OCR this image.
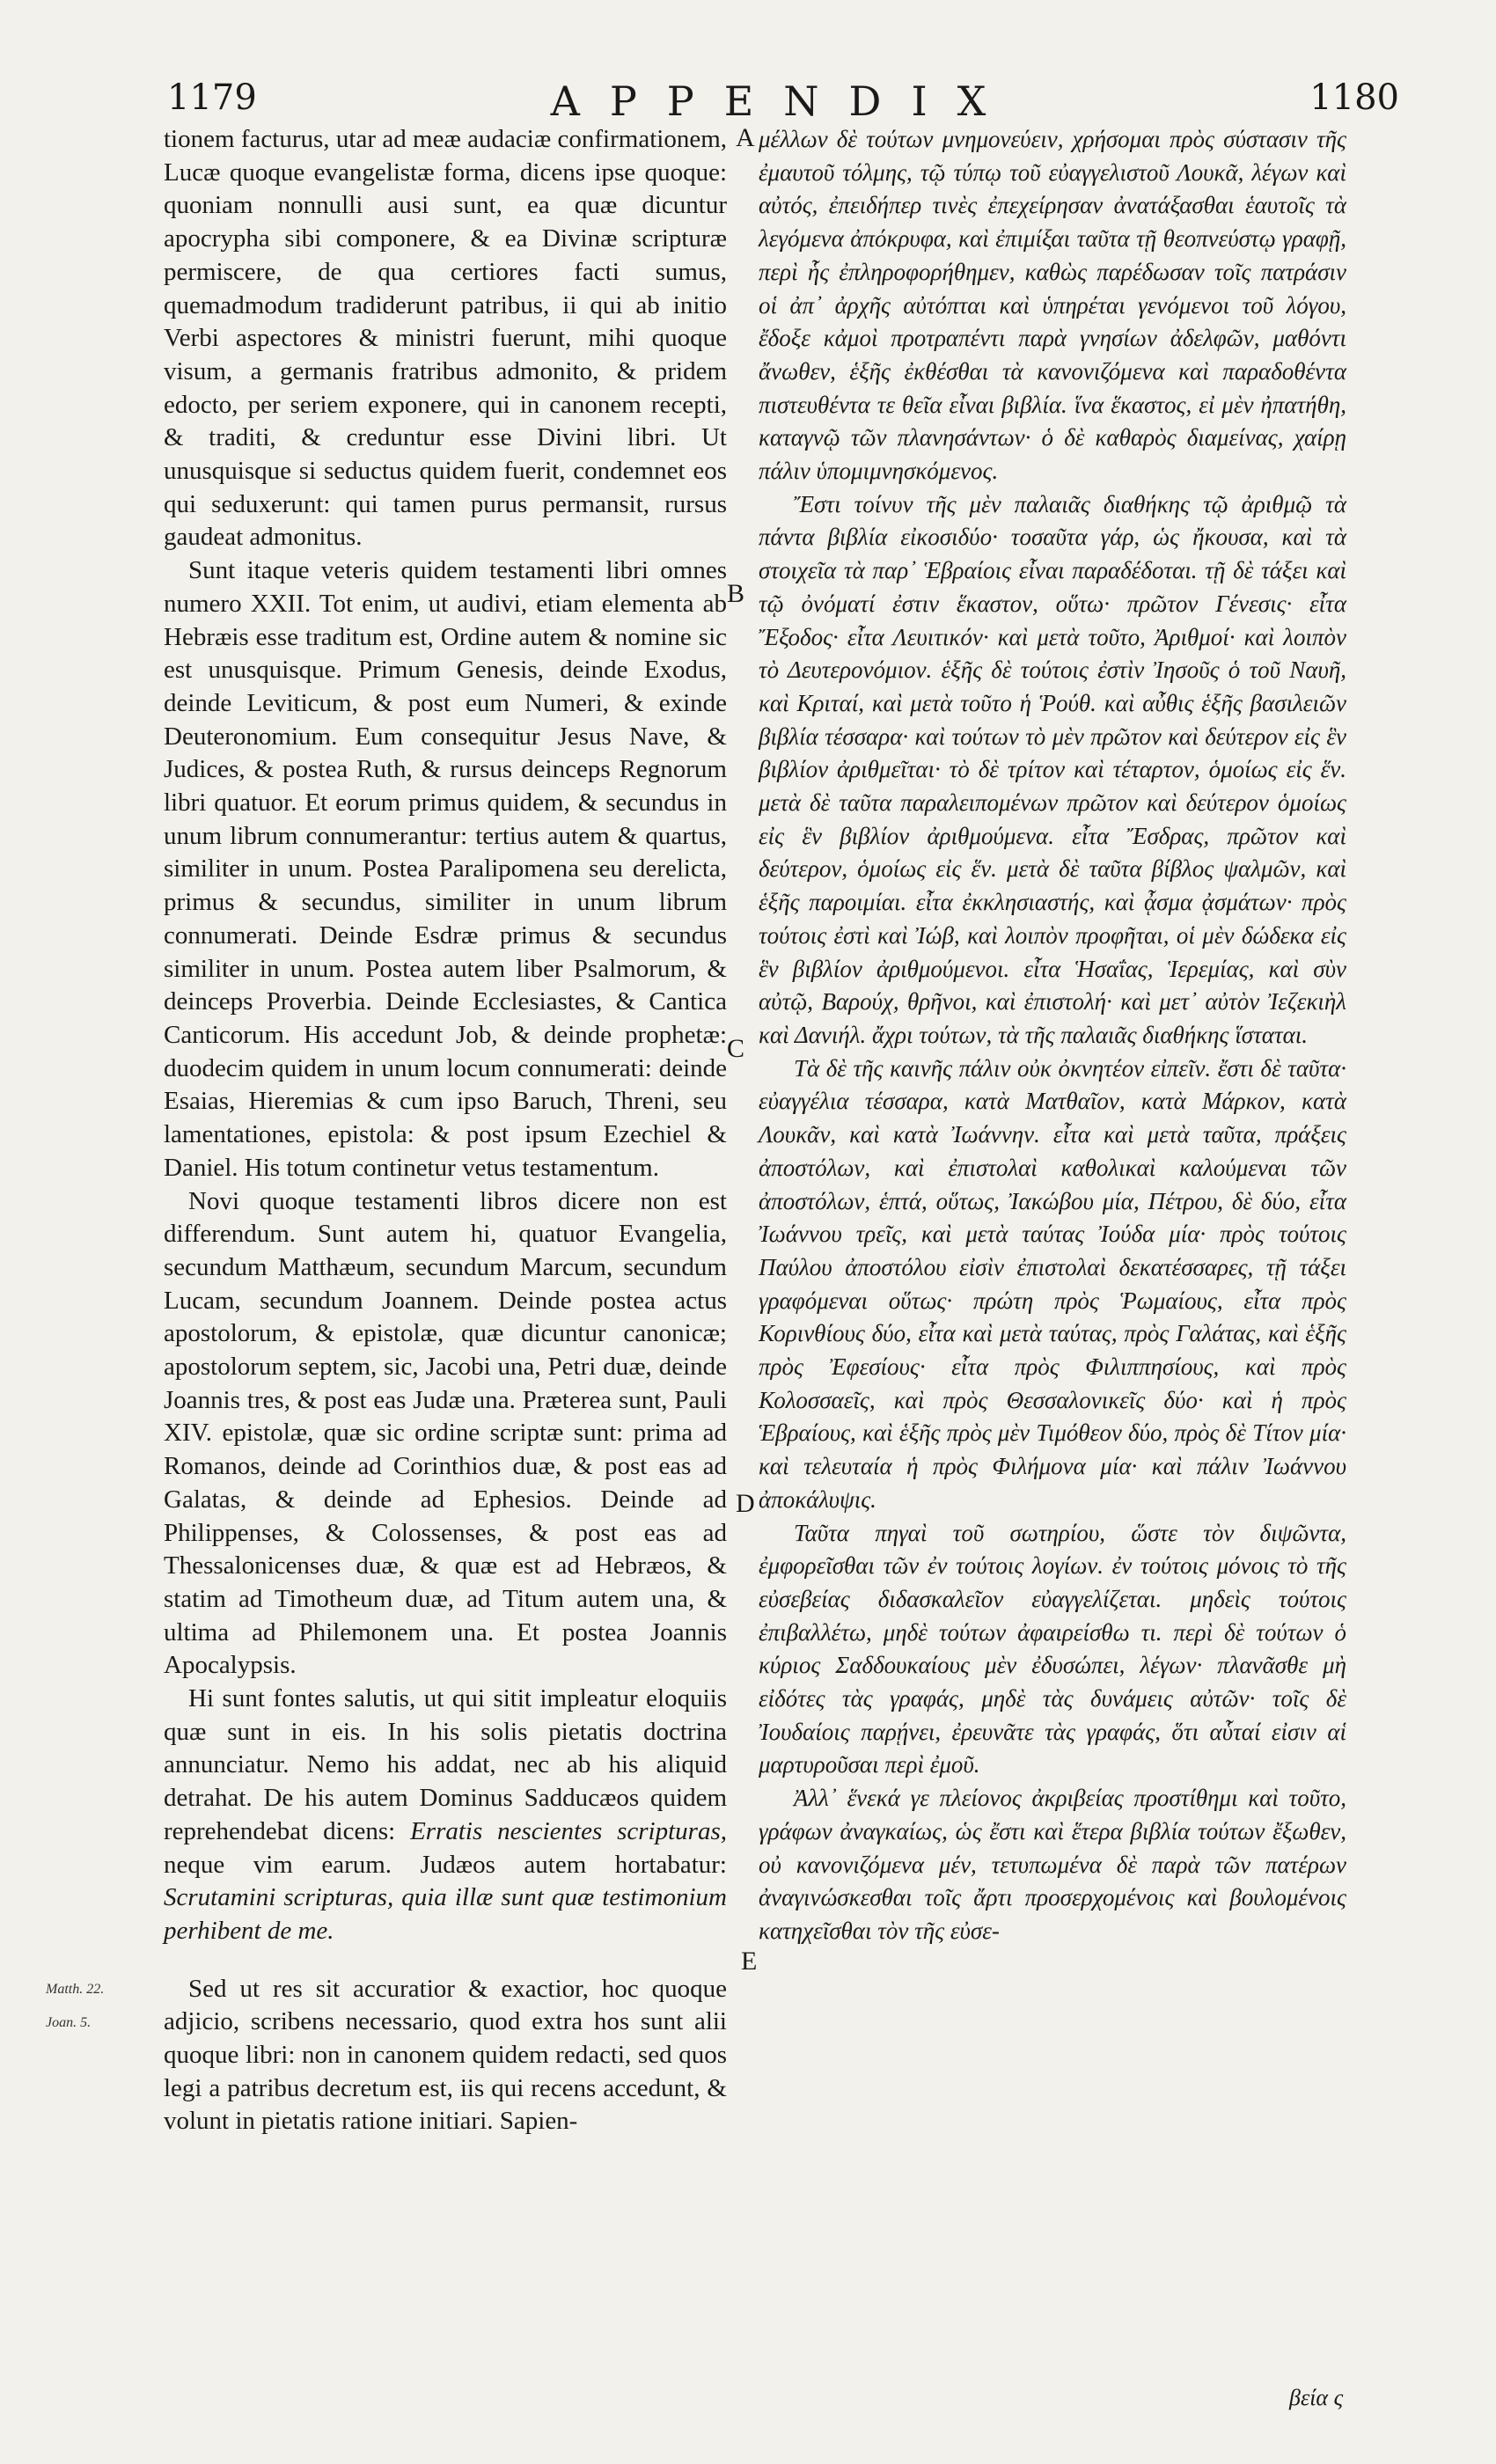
1179	APPENDIX	1180

tionem facturus, utar ad meæ audaciæ confirmationem, Lucæ quoque evangelistæ forma, dicens ipse quoque: quoniam nonnulli ausi sunt, ea quæ dicuntur apocrypha sibi componere, & ea Divinæ scripturæ permiscere, de qua certiores facti sumus, quemadmodum tradiderunt patribus, ii qui ab initio Verbi aspectores & ministri fuerunt, mihi quoque visum, a germanis fratribus admonito, & pridem edocto, per seriem exponere, qui in canonem recepti, & traditi, & creduntur esse Divini libri. Ut unusquisque si seductus quidem fuerit, condemnet eos qui seduxerunt: qui tamen purus permansit, rursus gaudeat admonitus.

Sunt itaque veteris quidem testamenti libri omnes numero XXII. Tot enim, ut audivi, etiam elementa ab Hebræis esse traditum est, Ordine autem & nomine sic est unusquisque. Primum Genesis, deinde Exodus, deinde Leviticum, & post eum Numeri, & exinde Deuteronomium. Eum consequitur Jesus Nave, & Judices, & postea Ruth, & rursus deinceps Regnorum libri quatuor. Et eorum primus quidem, & secundus in unum librum connumerantur: tertius autem & quartus, similiter in unum. Postea Paralipomena seu derelicta, primus & secundus, similiter in unum librum connumerati. Deinde Esdræ primus & secundus similiter in unum. Postea autem liber Psalmorum, & deinceps Proverbia. Deinde Ecclesiastes, & Cantica Canticorum. His accedunt Job, & deinde prophetæ: duodecim quidem in unum locum connumerati: deinde Esaias, Hieremias & cum ipso Baruch, Threni, seu lamentationes, epistola: & post ipsum Ezechiel & Daniel. His totum continetur vetus testamentum.

Novi quoque testamenti libros dicere non est differendum. Sunt autem hi, quatuor Evangelia, secundum Matthæum, secundum Marcum, secundum Lucam, secundum Joannem. Deinde postea actus apostolorum, & epistolæ, quæ dicuntur canonicæ; apostolorum septem, sic, Jacobi una, Petri duæ, deinde Joannis tres, & post eas Judæ una. Præterea sunt, Pauli XIV. epistolæ, quæ sic ordine scriptæ sunt: prima ad Romanos, deinde ad Corinthios duæ, & post eas ad Galatas, & deinde ad Ephesios. Deinde ad Philippenses, & Colossenses, & post eas ad Thessalonicenses duæ, & quæ est ad Hebræos, & statim ad Timotheum duæ, ad Titum autem una, & ultima ad Philemonem una. Et postea Joannis Apocalypsis.

Hi sunt fontes salutis, ut qui sitit impleatur eloquiis quæ sunt in eis. In his solis pietatis doctrina annunciatur. Nemo his addat, nec ab his aliquid detrahat. De his autem Dominus Sadducæos quidem reprehendebat dicens: Erratis nescientes scripturas, neque vim earum. Judæos autem hortabatur: Scrutamini scripturas, quia illæ sunt quæ testimonium perhibent de me.

Sed ut res sit accuratior & exactior, hoc quoque adjicio, scribens necessario, quod extra hos sunt alii quoque libri: non in canonem quidem redacti, sed quos legi a patribus decretum est, iis qui recens accedunt, & volunt in pietatis ratione initiari. Sapien-

μέλλων δὲ τούτων μνημονεύειν, χρήσομαι πρὸς σύστασιν τῆς ἐμαυτοῦ τόλμης, τῷ τύπῳ τοῦ εὐαγγελιστοῦ Λουκᾶ, λέγων καὶ αὐτός, ἐπειδήπερ τινὲς ἐπεχείρησαν ἀνατάξασθαι ἑαυτοῖς τὰ λεγόμενα ἀπόκρυφα, καὶ ἐπιμίξαι ταῦτα τῇ θεοπνεύστῳ γραφῇ, περὶ ἧς ἐπληροφορήθημεν, καθὼς παρέδωσαν τοῖς πατράσιν οἱ ἀπ᾽ ἀρχῆς αὐτόπται καὶ ὑπηρέται γενόμενοι τοῦ λόγου, ἔδοξε κἀμοὶ προτραπέντι παρὰ γνησίων ἀδελφῶν, μαθόντι ἄνωθεν, ἑξῆς ἐκθέσθαι τὰ κανονιζόμενα καὶ παραδοθέντα πιστευθέντα τε θεῖα εἶναι βιβλία. ἵνα ἕκαστος, εἰ μὲν ἠπατήθη, καταγνῷ τῶν πλανησάντων· ὁ δὲ καθαρὸς διαμείνας, χαίρῃ πάλιν ὑπομιμνησκόμενος.

Ἔστι τοίνυν τῆς μὲν παλαιᾶς διαθήκης τῷ ἀριθμῷ τὰ πάντα βιβλία εἰκοσιδύο· τοσαῦτα γάρ, ὡς ἤκουσα, καὶ τὰ στοιχεῖα τὰ παρ᾽ Ἑβραίοις εἶναι παραδέδοται. τῇ δὲ τάξει καὶ τῷ ὀνόματί ἐστιν ἕκαστον, οὕτω· πρῶτον Γένεσις· εἶτα Ἔξοδος· εἶτα Λευιτικόν· καὶ μετὰ τοῦτο, Ἀριθμοί· καὶ λοιπὸν τὸ Δευτερονόμιον. ἑξῆς δὲ τούτοις ἐστὶν Ἰησοῦς ὁ τοῦ Ναυῆ, καὶ Κριταί, καὶ μετὰ τοῦτο ἡ Ῥούθ. καὶ αὖθις ἑξῆς βασιλειῶν βιβλία τέσσαρα· καὶ τούτων τὸ μὲν πρῶτον καὶ δεύτερον εἰς ἓν βιβλίον ἀριθμεῖται· τὸ δὲ τρίτον καὶ τέταρτον, ὁμοίως εἰς ἕν. μετὰ δὲ ταῦτα παραλειπομένων πρῶτον καὶ δεύτερον ὁμοίως εἰς ἓν βιβλίον ἀριθμούμενα. εἶτα Ἔσδρας, πρῶτον καὶ δεύτερον, ὁμοίως εἰς ἕν. μετὰ δὲ ταῦτα βίβλος ψαλμῶν, καὶ ἑξῆς παροιμίαι. εἶτα ἐκκλησιαστής, καὶ ᾆσμα ᾀσμάτων· πρὸς τούτοις ἐστὶ καὶ Ἰώβ, καὶ λοιπὸν προφῆται, οἱ μὲν δώδεκα εἰς ἓν βιβλίον ἀριθμούμενοι. εἶτα Ἡσαΐας, Ἱερεμίας, καὶ σὺν αὐτῷ, Βαρούχ, θρῆνοι, καὶ ἐπιστολή· καὶ μετ᾽ αὐτὸν Ἰεζεκιὴλ καὶ Δανιήλ. ἄχρι τούτων, τὰ τῆς παλαιᾶς διαθήκης ἵσταται.

Τὰ δὲ τῆς καινῆς πάλιν οὐκ ὀκνητέον εἰπεῖν. ἔστι δὲ ταῦτα· εὐαγγέλια τέσσαρα, κατὰ Ματθαῖον, κατὰ Μάρκον, κατὰ Λουκᾶν, καὶ κατὰ Ἰωάννην. εἶτα καὶ μετὰ ταῦτα, πράξεις ἀποστόλων, καὶ ἐπιστολαὶ καθολικαὶ καλούμεναι τῶν ἀποστόλων, ἑπτά, οὕτως, Ἰακώβου μία, Πέτρου, δὲ δύο, εἶτα Ἰωάννου τρεῖς, καὶ μετὰ ταύτας Ἰούδα μία· πρὸς τούτοις Παύλου ἀποστόλου εἰσὶν ἐπιστολαὶ δεκατέσσαρες, τῇ τάξει γραφόμεναι οὕτως· πρώτη πρὸς Ῥωμαίους, εἶτα πρὸς Κορινθίους δύο, εἶτα καὶ μετὰ ταύτας, πρὸς Γαλάτας, καὶ ἑξῆς πρὸς Ἐφεσίους· εἶτα πρὸς Φιλιππησίους, καὶ πρὸς Κολοσσαεῖς, καὶ πρὸς Θεσσαλονικεῖς δύο· καὶ ἡ πρὸς Ἑβραίους, καὶ ἑξῆς πρὸς μὲν Τιμόθεον δύο, πρὸς δὲ Τίτον μία· καὶ τελευταία ἡ πρὸς Φιλήμονα μία· καὶ πάλιν Ἰωάννου ἀποκάλυψις.

Ταῦτα πηγαὶ τοῦ σωτηρίου, ὥστε τὸν διψῶντα, ἐμφορεῖσθαι τῶν ἐν τούτοις λογίων. ἐν τούτοις μόνοις τὸ τῆς εὐσεβείας διδασκαλεῖον εὐαγγελίζεται. μηδεὶς τούτοις ἐπιβαλλέτω, μηδὲ τούτων ἀφαιρείσθω τι. περὶ δὲ τούτων ὁ κύριος Σαδδουκαίους μὲν ἐδυσώπει, λέγων· πλανᾶσθε μὴ εἰδότες τὰς γραφάς, μηδὲ τὰς δυνάμεις αὐτῶν· τοῖς δὲ Ἰουδαίοις παρῄνει, ἐρευνᾶτε τὰς γραφάς, ὅτι αὗταί εἰσιν αἱ μαρτυροῦσαι περὶ ἐμοῦ.

Ἀλλ᾽ ἕνεκά γε πλείονος ἀκριβείας προστίθημι καὶ τοῦτο, γράφων ἀναγκαίως, ὡς ἔστι καὶ ἕτερα βιβλία τούτων ἔξωθεν, οὐ κανονιζόμενα μέν, τετυπωμένα δὲ παρὰ τῶν πατέρων ἀναγινώσκεσθαι τοῖς ἄρτι προσερχομένοις καὶ βουλομένοις κατηχεῖσθαι τὸν τῆς εὐσε-

A
B
C
D
E
Matth. 22.
Joan. 5.
βεία ς
